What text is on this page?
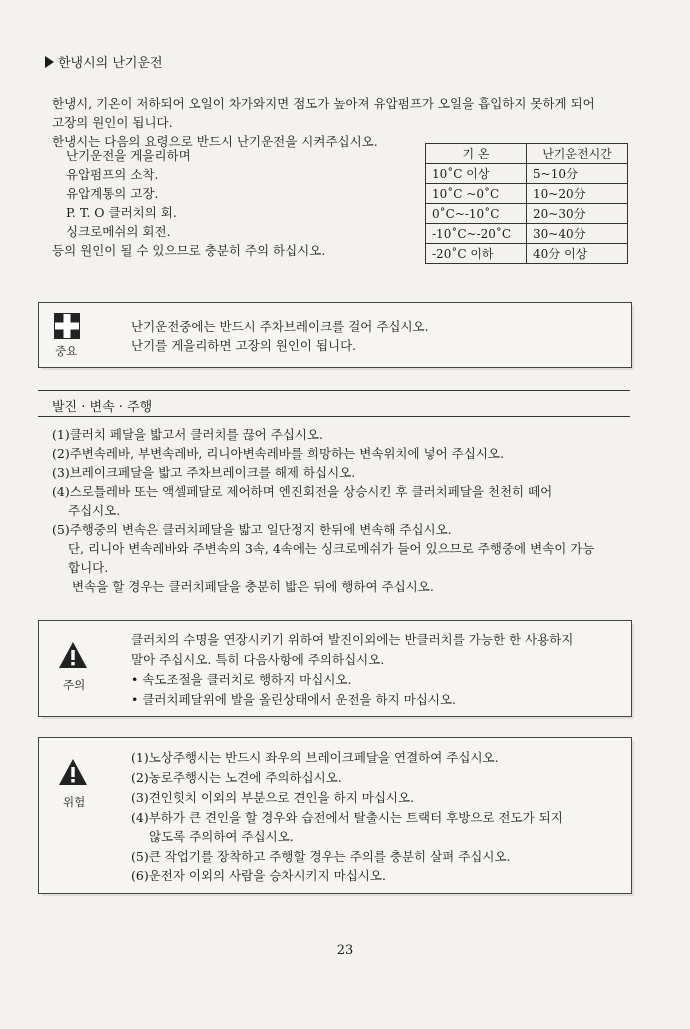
한냉시의 난기운전
한냉시, 기온이 저하되어 오일이 차가와지면 점도가 높아져 유압펌프가 오일을 흡입하지 못하게 되어
고장의 원인이 됩니다.
한냉시는 다음의 요령으로 반드시 난기운전을 시켜주십시오.
난기운전을 게을리하며
유압펌프의 소착.
유압계통의 고장.
P. T. O 클러치의 회.
싱크로메쉬의 회전.
등의 원인이 될 수 있으므로 충분히 주의 하십시오.
기 온	난기운전시간
10˚C 이상	5~10分
10˚C ~0˚C	10~20分
0˚C~-10˚C	20~30分
-10˚C~-20˚C	30~40分
-20˚C 이하	40分 이상
중요
난기운전중에는 반드시 주차브레이크를 걸어 주십시오.
난기를 게을리하면 고장의 원인이 됩니다.
발진 · 변속 · 주행
(1)클러치 페달을 밟고서 클러치를 끊어 주십시오.
(2)주변속레바, 부변속레바, 리니아변속레바를 희망하는 변속위치에 넣어 주십시오.
(3)브레이크페달을 밟고 주차브레이크를 해제 하십시오.
(4)스로틀레바 또는 액셀페달로 제어하며 엔진회전을 상승시킨 후 클러치페달을 천천히 떼어
주십시오.
(5)주행중의 변속은 클러치페달을 밟고 일단정지 한뒤에 변속해 주십시오.
단, 리니아 변속레바와 주변속의 3속, 4속에는 싱크로메쉬가 들어 있으므로 주행중에 변속이 가능
합니다.
변속을 할 경우는 클러치페달을 충분히 밟은 뒤에 행하여 주십시오.
주의
클러치의 수명을 연장시키기 위하여 발진이외에는 반클러치를 가능한 한 사용하지
말아 주십시오. 특히 다음사항에 주의하십시오.
• 속도조절을 클러치로 행하지 마십시오.
• 클러치페달위에 발을 올린상태에서 운전을 하지 마십시오.
위험
(1)노상주행시는 반드시 좌우의 브레이크페달을 연결하여 주십시오.
(2)농로주행시는 노견에 주의하십시오.
(3)견인힛치 이외의 부분으로 견인을 하지 마십시오.
(4)부하가 큰 견인을 할 경우와 습전에서 탈출시는 트랙터 후방으로 전도가 되지
않도록 주의하여 주십시오.
(5)큰 작업기를 장착하고 주행할 경우는 주의를 충분히 살펴 주십시오.
(6)운전자 이외의 사람을 승차시키지 마십시오.
23
